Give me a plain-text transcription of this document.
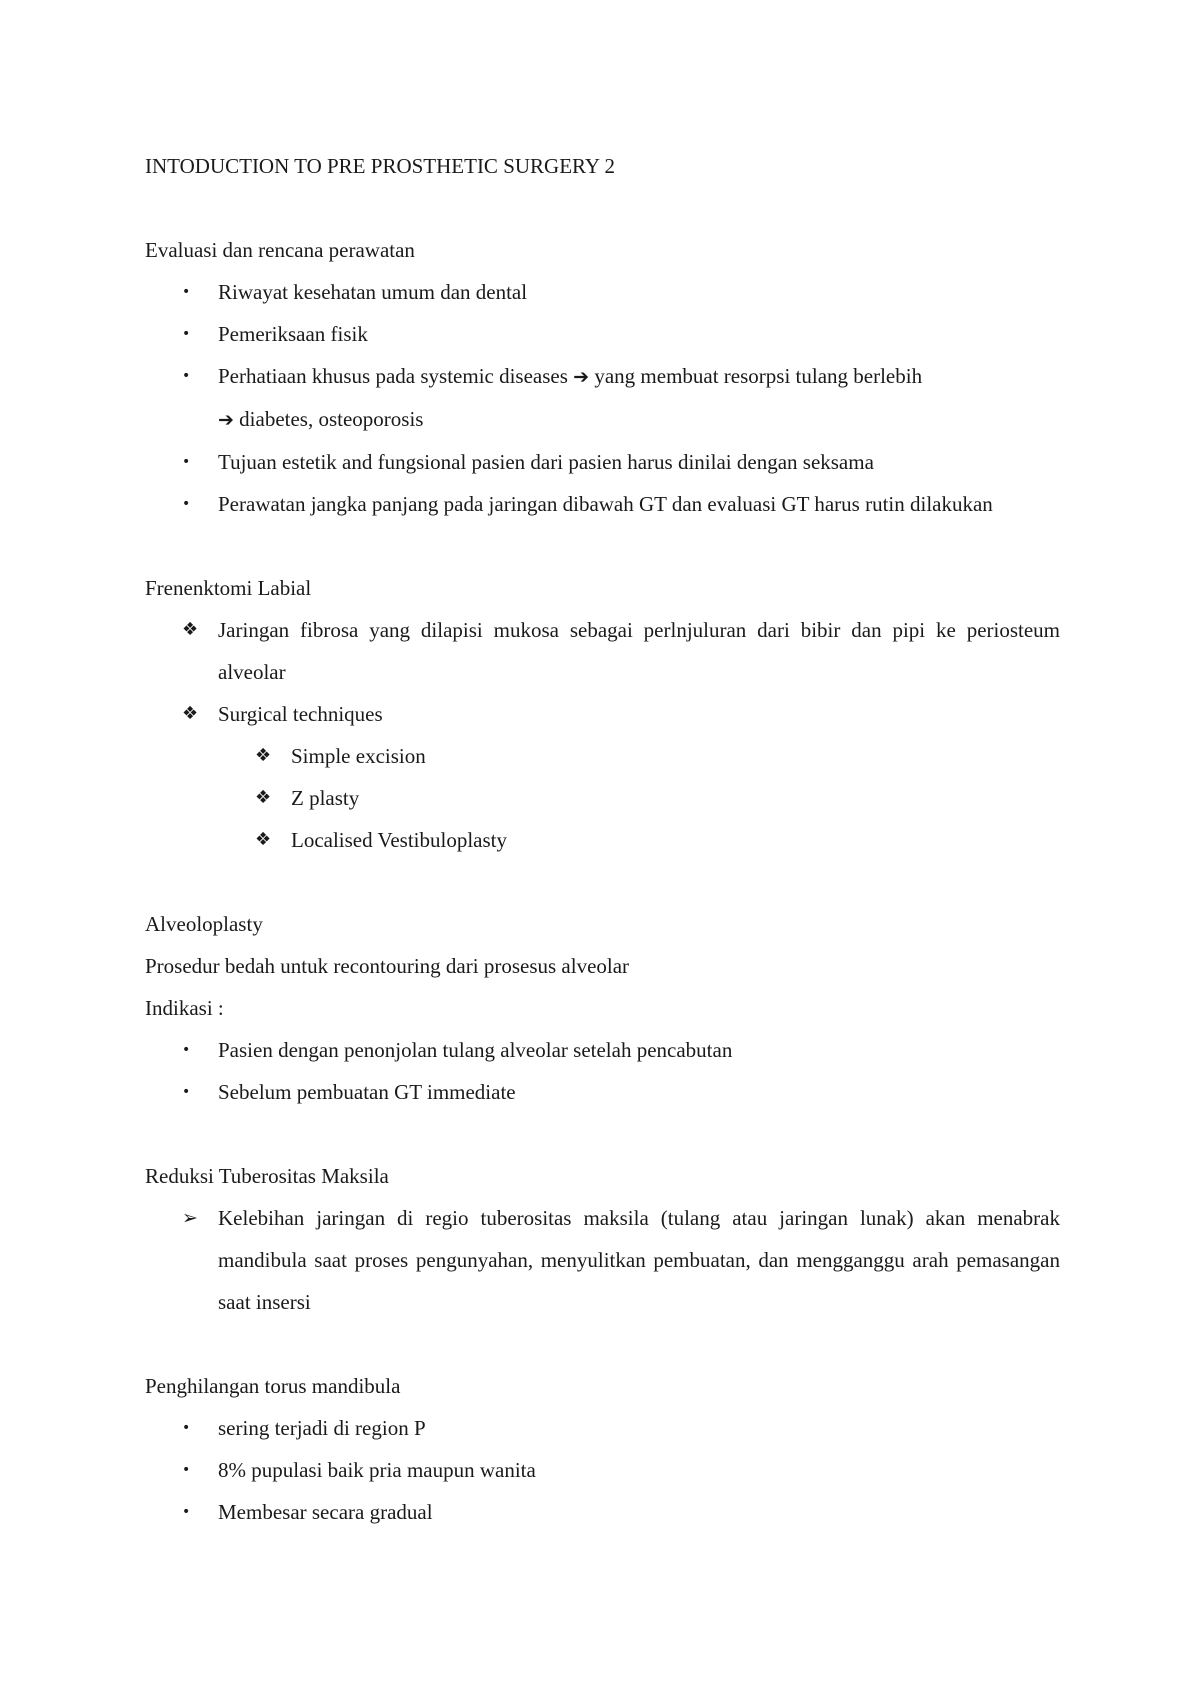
INTODUCTION TO PRE PROSTHETIC SURGERY 2
Evaluasi dan rencana perawatan
•	Riwayat kesehatan umum dan dental
•	Pemeriksaan fisik
•	Perhatiaan khusus pada systemic diseases ➔ yang membuat resorpsi tulang berlebih
➔ diabetes, osteoporosis
•	Tujuan estetik and fungsional pasien dari pasien harus dinilai dengan seksama
•	Perawatan jangka panjang pada jaringan dibawah GT dan evaluasi GT harus rutin dilakukan
Frenenktomi Labial
❖ Jaringan fibrosa yang dilapisi mukosa sebagai perlnjuluran dari bibir dan pipi ke periosteum alveolar
❖ Surgical techniques
❖ Simple excision
❖ Z plasty
❖ Localised Vestibuloplasty
Alveoloplasty
Prosedur bedah untuk recontouring dari prosesus alveolar
Indikasi :
•	Pasien dengan penonjolan tulang alveolar setelah pencabutan
•	Sebelum pembuatan GT immediate
Reduksi Tuberositas Maksila
➢ Kelebihan jaringan di regio tuberositas maksila (tulang atau jaringan lunak) akan menabrak mandibula saat proses pengunyahan, menyulitkan pembuatan, dan mengganggu arah pemasangan saat insersi
Penghilangan torus mandibula
•	sering terjadi di region P
•	8% pupulasi baik pria maupun wanita
•	Membesar secara gradual
